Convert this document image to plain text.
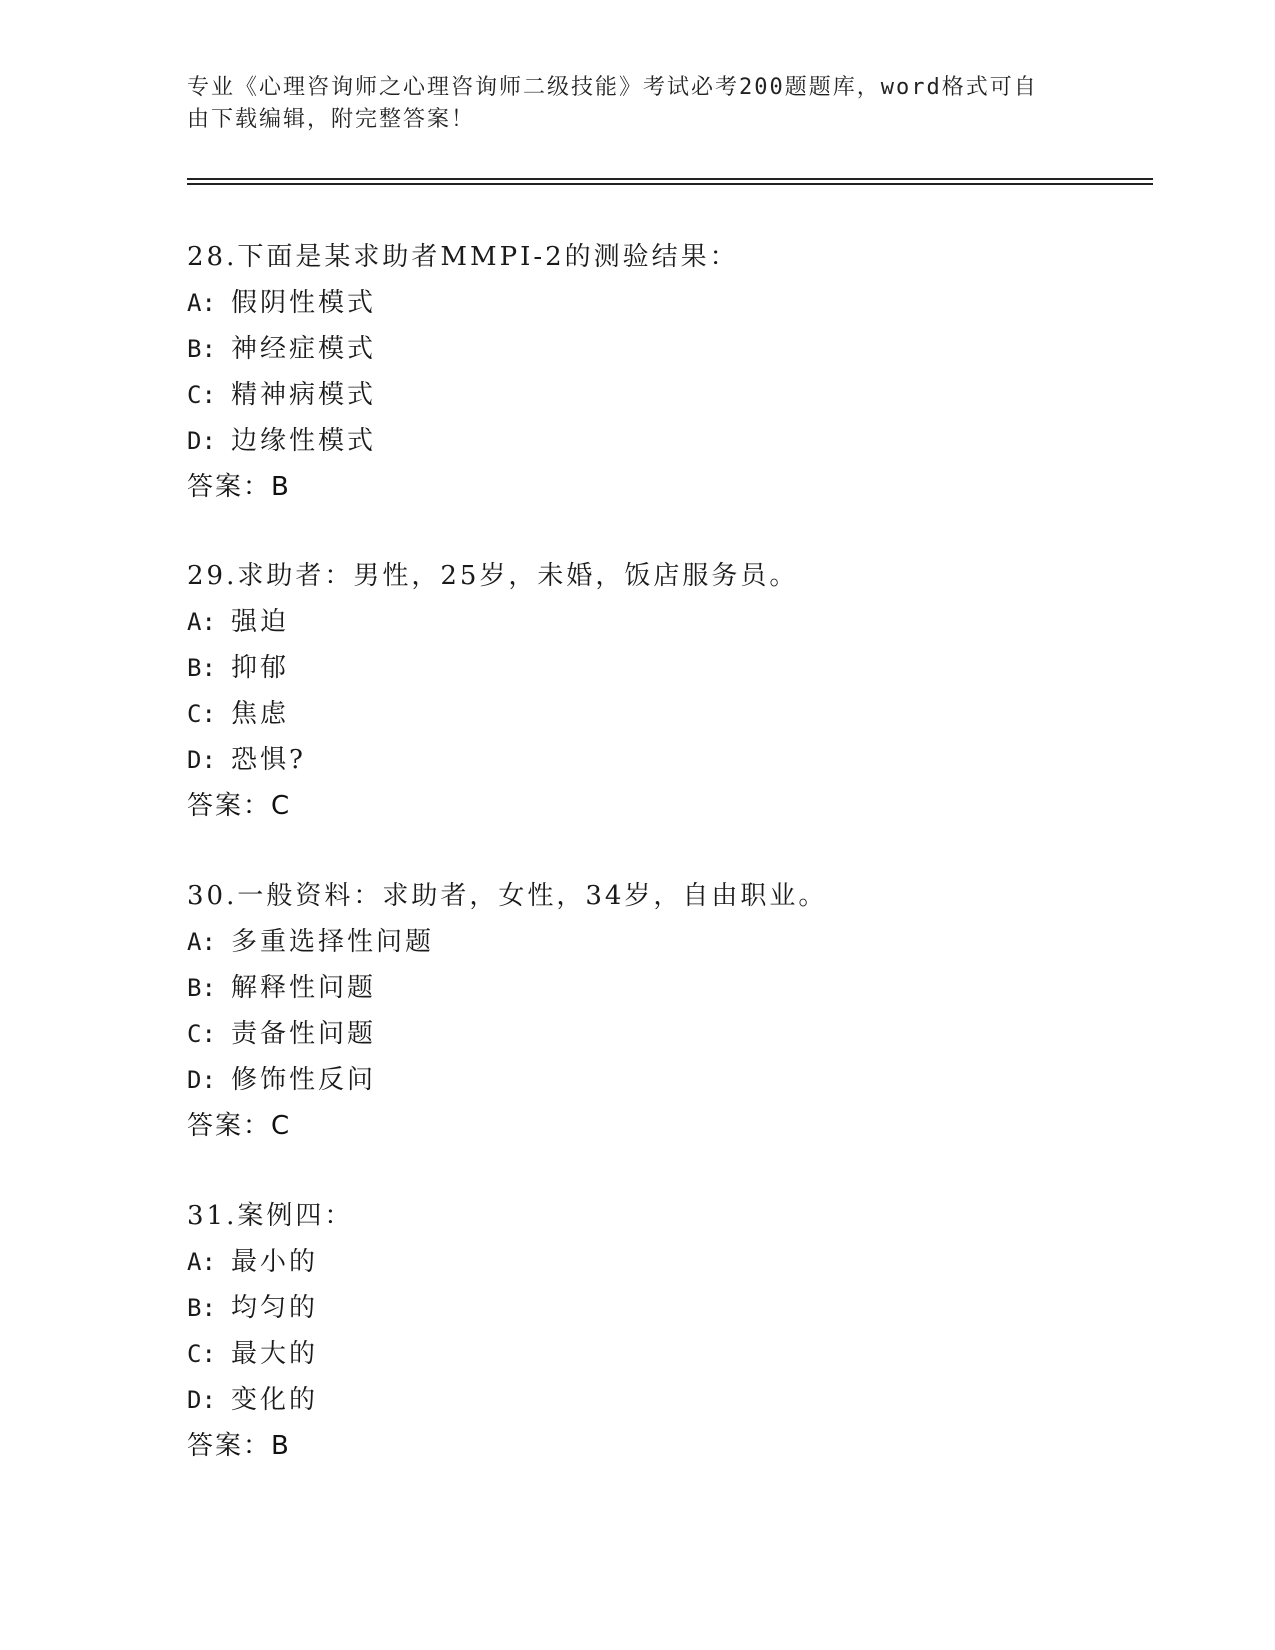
专业《心理咨询师之心理咨询师二级技能》考试必考200题题库，word格式可自
由下载编辑，附完整答案！
28.下面是某求助者MMPI-2的测验结果：
A: 假阴性模式
B: 神经症模式
C: 精神病模式
D: 边缘性模式
答案：B
29.求助者：男性，25岁，未婚，饭店服务员。
A: 强迫
B: 抑郁
C: 焦虑
D: 恐惧?
答案：C
30.一般资料：求助者，女性，34岁，自由职业。
A: 多重选择性问题
B: 解释性问题
C: 责备性问题
D: 修饰性反问
答案：C
31.案例四：
A: 最小的
B: 均匀的
C: 最大的
D: 变化的
答案：B
